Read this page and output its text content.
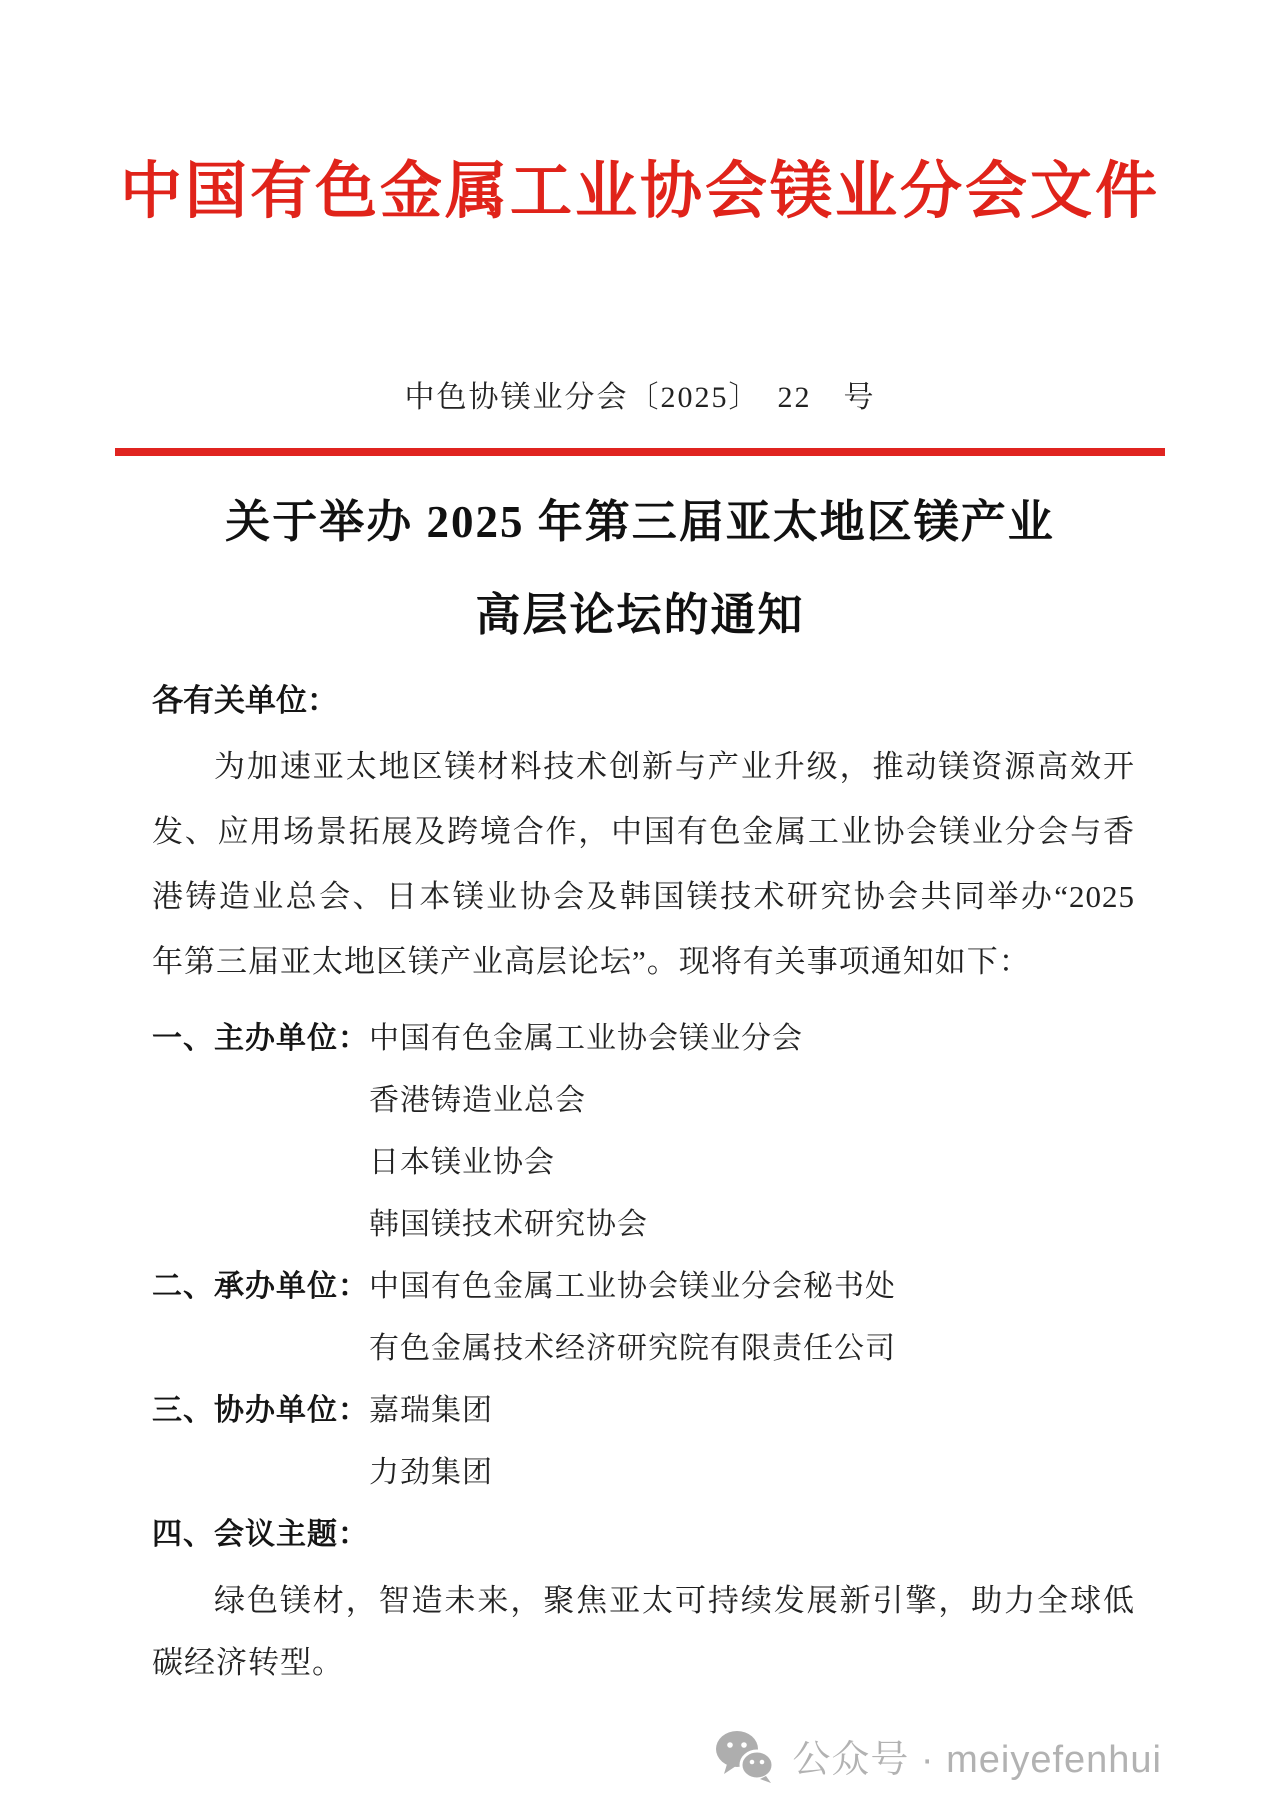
中国有色金属工业协会镁业分会文件
中色协镁业分会〔2025〕　22　号
关于举办 2025 年第三届亚太地区镁产业
高层论坛的通知
各有关单位：
为加速亚太地区镁材料技术创新与产业升级，推动镁资源高效开发、应用场景拓展及跨境合作，中国有色金属工业协会镁业分会与香港铸造业总会、日本镁业协会及韩国镁技术研究协会共同举办“2025 年第三届亚太地区镁产业高层论坛”。现将有关事项通知如下：
一、主办单位： 中国有色金属工业协会镁业分会
香港铸造业总会
日本镁业协会
韩国镁技术研究协会
二、承办单位： 中国有色金属工业协会镁业分会秘书处
有色金属技术经济研究院有限责任公司
三、协办单位： 嘉瑞集团
力劲集团
四、会议主题：
绿色镁材，智造未来，聚焦亚太可持续发展新引擎，助力全球低碳经济转型。
公众号 · meiyefenhui
